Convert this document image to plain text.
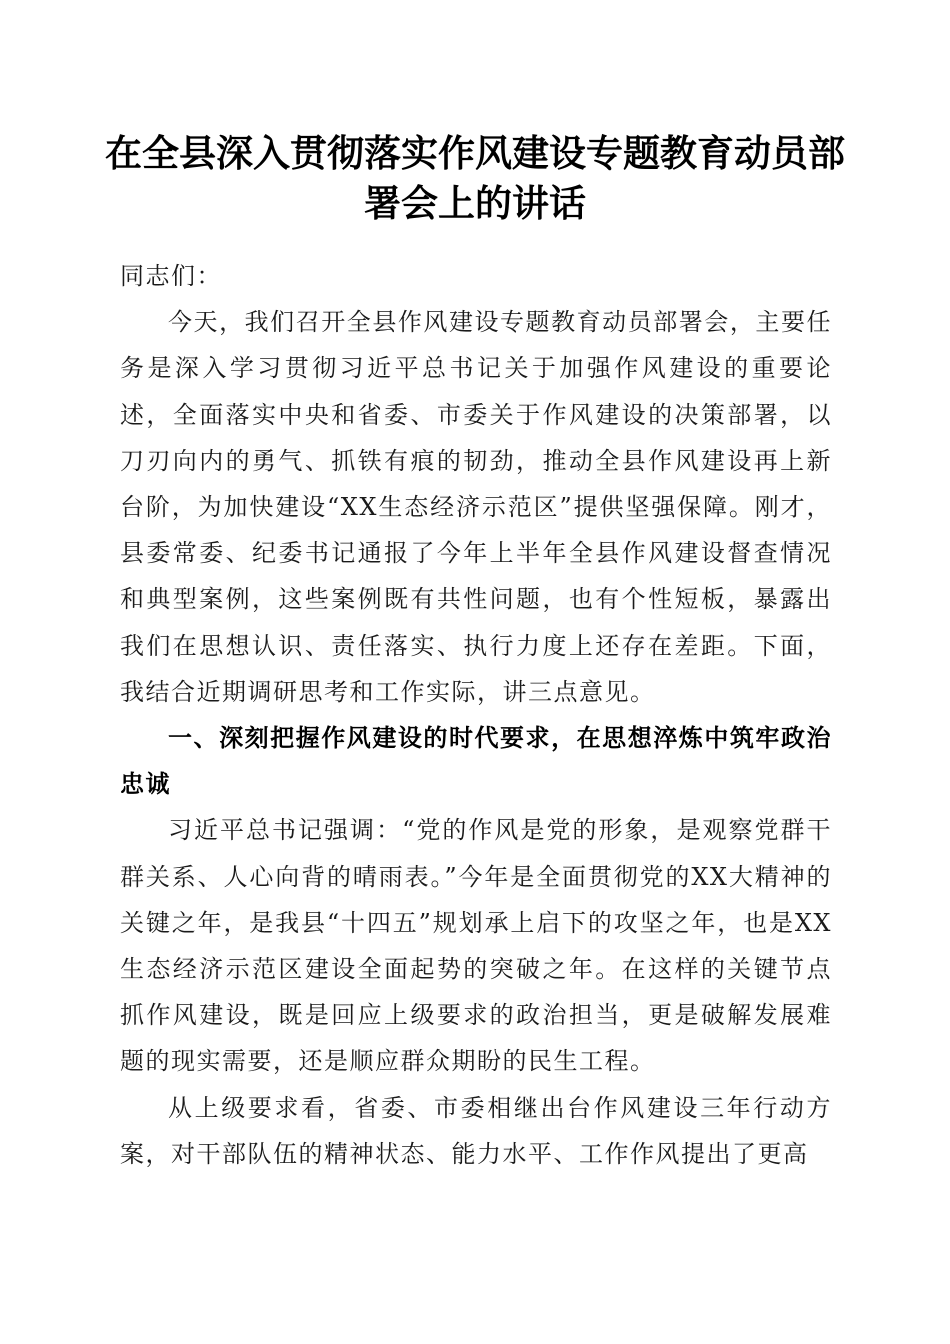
在全县深入贯彻落实作风建设专题教育动员部署会上的讲话

同志们：

今天，我们召开全县作风建设专题教育动员部署会，主要任务是深入学习贯彻习近平总书记关于加强作风建设的重要论述，全面落实中央和省委、市委关于作风建设的决策部署，以刀刃向内的勇气、抓铁有痕的韧劲，推动全县作风建设再上新台阶，为加快建设“XX生态经济示范区”提供坚强保障。刚才，县委常委、纪委书记通报了今年上半年全县作风建设督查情况和典型案例，这些案例既有共性问题，也有个性短板，暴露出我们在思想认识、责任落实、执行力度上还存在差距。下面，我结合近期调研思考和工作实际，讲三点意见。

一、深刻把握作风建设的时代要求，在思想淬炼中筑牢政治忠诚

习近平总书记强调：“党的作风是党的形象，是观察党群干群关系、人心向背的晴雨表。”今年是全面贯彻党的XX大精神的关键之年，是我县“十四五”规划承上启下的攻坚之年，也是XX生态经济示范区建设全面起势的突破之年。在这样的关键节点抓作风建设，既是回应上级要求的政治担当，更是破解发展难题的现实需要，还是顺应群众期盼的民生工程。

从上级要求看，省委、市委相继出台作风建设三年行动方案，对干部队伍的精神状态、能力水平、工作作风提出了更高
